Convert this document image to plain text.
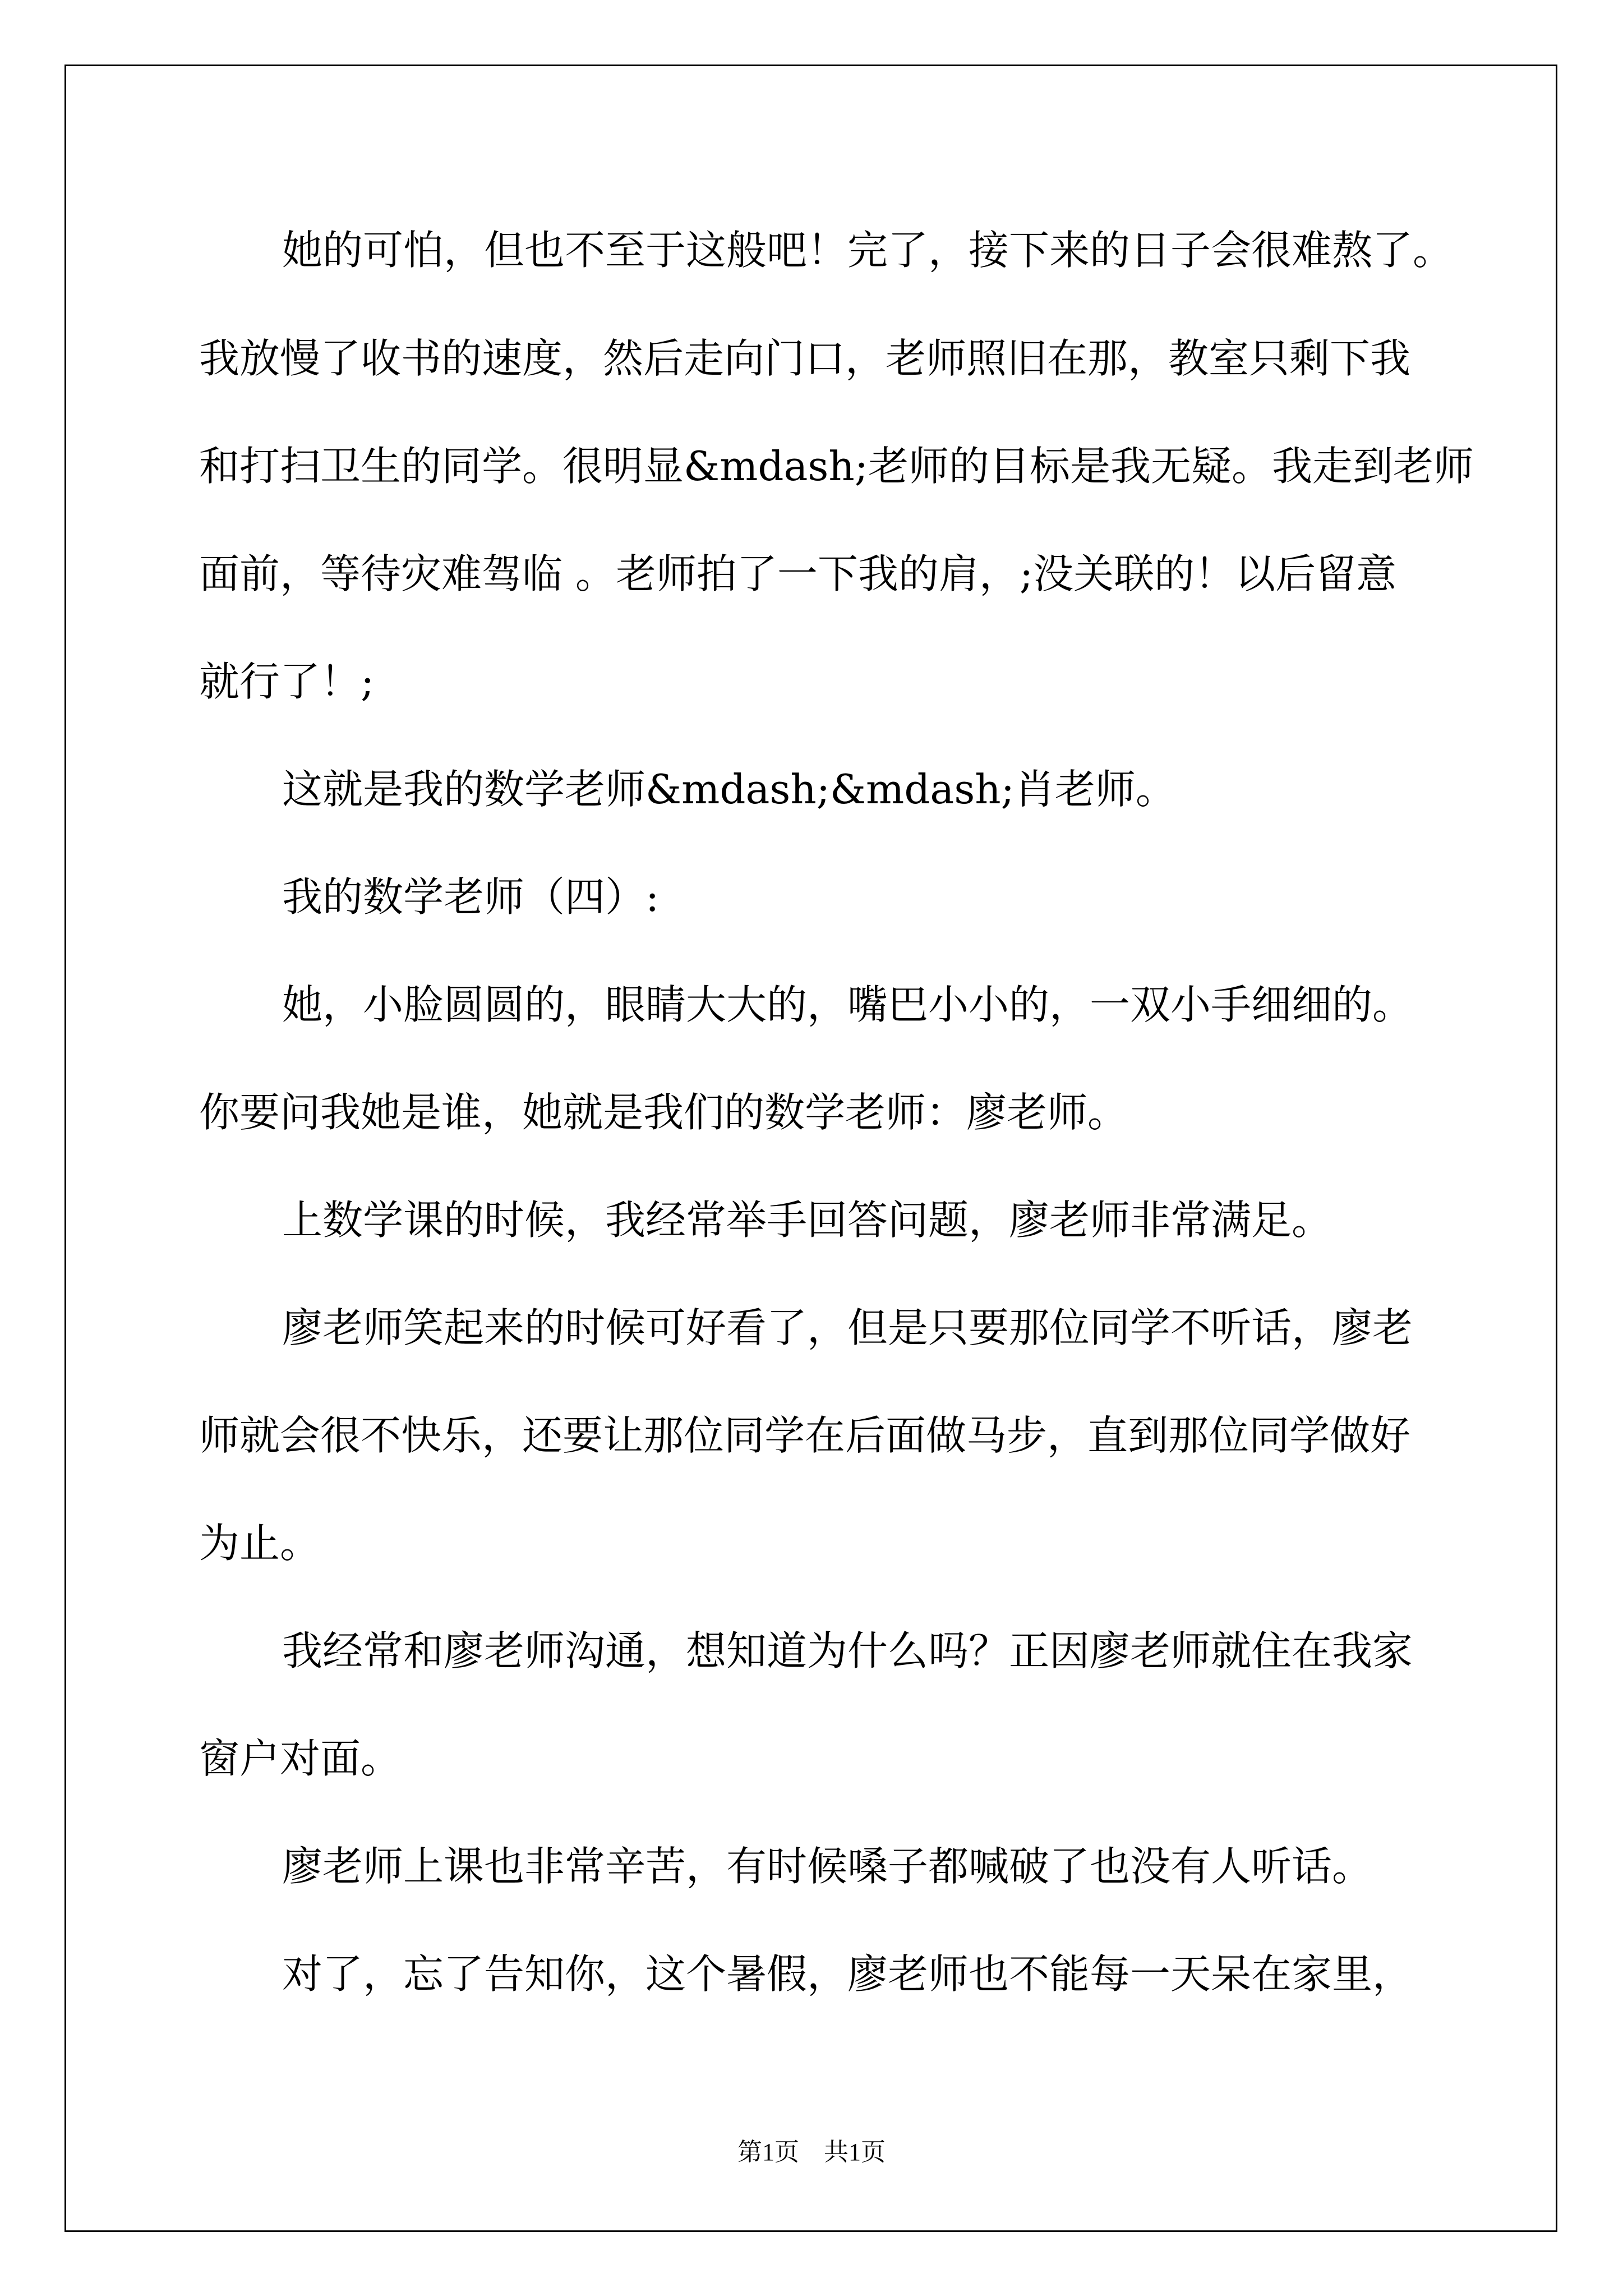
她的可怕，但也不至于这般吧！完了，接下来的日子会很难熬了。
我放慢了收书的速度，然后走向门口，老师照旧在那，教室只剩下我
和打扫卫生的同学。很明显&mdash;老师的目标是我无疑。我走到老师
面前，等待灾难驾临 。老师拍了一下我的肩，;没关联的！以后留意
就行了！;
这就是我的数学老师&mdash;&mdash;肖老师。
我的数学老师（四）:
她，小脸圆圆的，眼睛大大的，嘴巴小小的，一双小手细细的。
你要问我她是谁，她就是我们的数学老师：廖老师。
上数学课的时候，我经常举手回答问题，廖老师非常满足。
廖老师笑起来的时候可好看了，但是只要那位同学不听话，廖老
师就会很不快乐，还要让那位同学在后面做马步，直到那位同学做好
为止。
我经常和廖老师沟通，想知道为什么吗？正因廖老师就住在我家
窗户对面。
廖老师上课也非常辛苦，有时候嗓子都喊破了也没有人听话。
对了，忘了告知你，这个暑假，廖老师也不能每一天呆在家里，
第1页　共1页
